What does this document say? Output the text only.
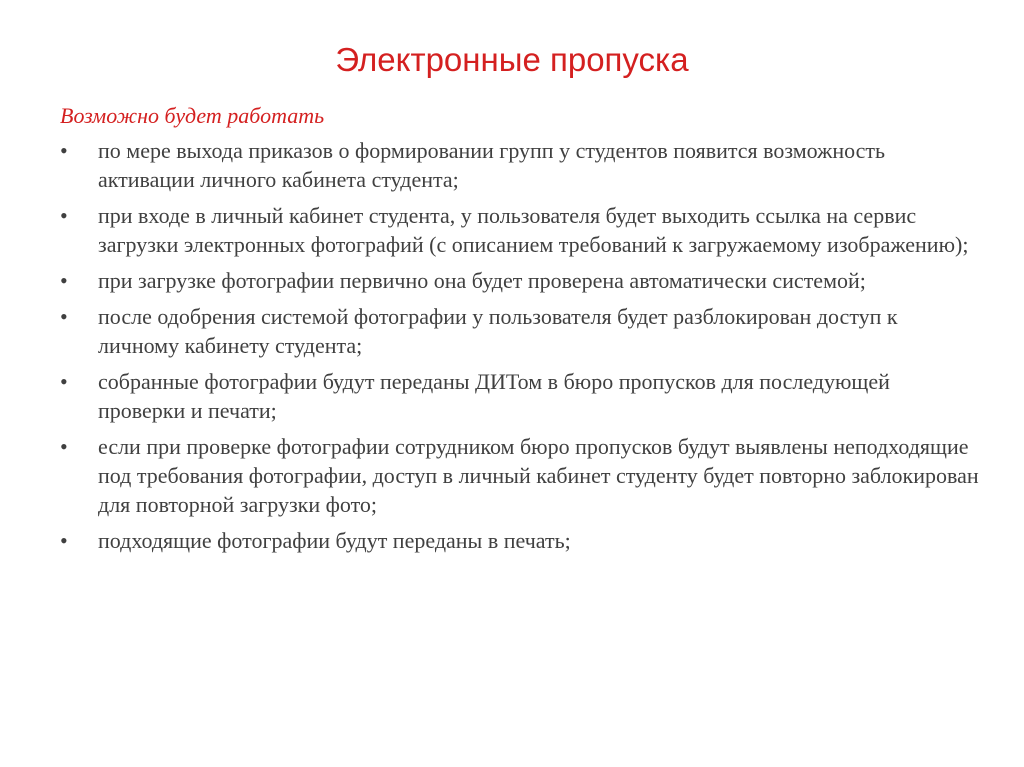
Электронные пропуска

Возможно будет работать

•	по мере выхода приказов о формировании групп у студентов появится возможность активации личного кабинета студента;
•	при входе в личный кабинет студента, у пользователя будет выходить ссылка на сервис загрузки электронных фотографий (с описанием требований к загружаемому изображению);
•	при загрузке фотографии первично она будет проверена автоматически системой;
•	после одобрения системой фотографии у пользователя будет разблокирован доступ к личному кабинету студента;
•	собранные фотографии будут переданы ДИТом в бюро пропусков для последующей проверки и печати;
•	если при проверке фотографии сотрудником бюро пропусков будут выявлены неподходящие под требования фотографии, доступ в личный кабинет студенту будет повторно заблокирован для повторной загрузки фото;
•	подходящие фотографии будут переданы в печать;
